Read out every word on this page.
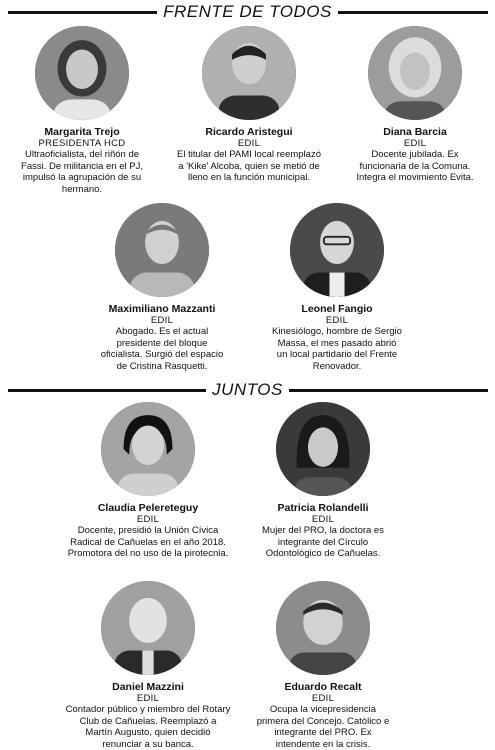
FRENTE DE TODOS
Margarita Trejo
PRESIDENTA HCD
Ultraoficialista, del riñón de Fassi. De militancia en el PJ, impulsó la agrupación de su hermano.
Ricardo Aristegui
EDIL
El titular del PAMI local reemplazó a 'Kike' Alcoba, quien se metió de lleno en la función municipal.
Diana Barcia
EDIL
Docente jubilada. Ex funcionaria de la Comuna. Integra el movimiento Evita.
Maximiliano Mazzanti
EDIL
Abogado. Es el actual presidente del bloque oficialista. Surgió del espacio de Cristina Rasquetti.
Leonel Fangio
EDIL
Kinesiólogo, hombre de Sergio Massa, el mes pasado abrió un local partidario del Frente Renovador.
JUNTOS
Claudia Pelereteguy
EDIL
Docente, presidió la Unión Cívica Radical de Cañuelas en el año 2018. Promotora del no uso de la pirotecnia.
Patricia Rolandelli
EDIL
Mujer del PRO, la doctora es integrante del Círculo Odontológico de Cañuelas.
Daniel Mazzini
EDIL
Contador público y miembro del Rotary Club de Cañuelas. Reemplazó a Martín Augusto, quien decidió renunciar a su banca.
Eduardo Recalt
EDIL
Ocupa la vicepresidencia primera del Concejo. Católico e integrante del PRO. Ex intendente en la crisis.
